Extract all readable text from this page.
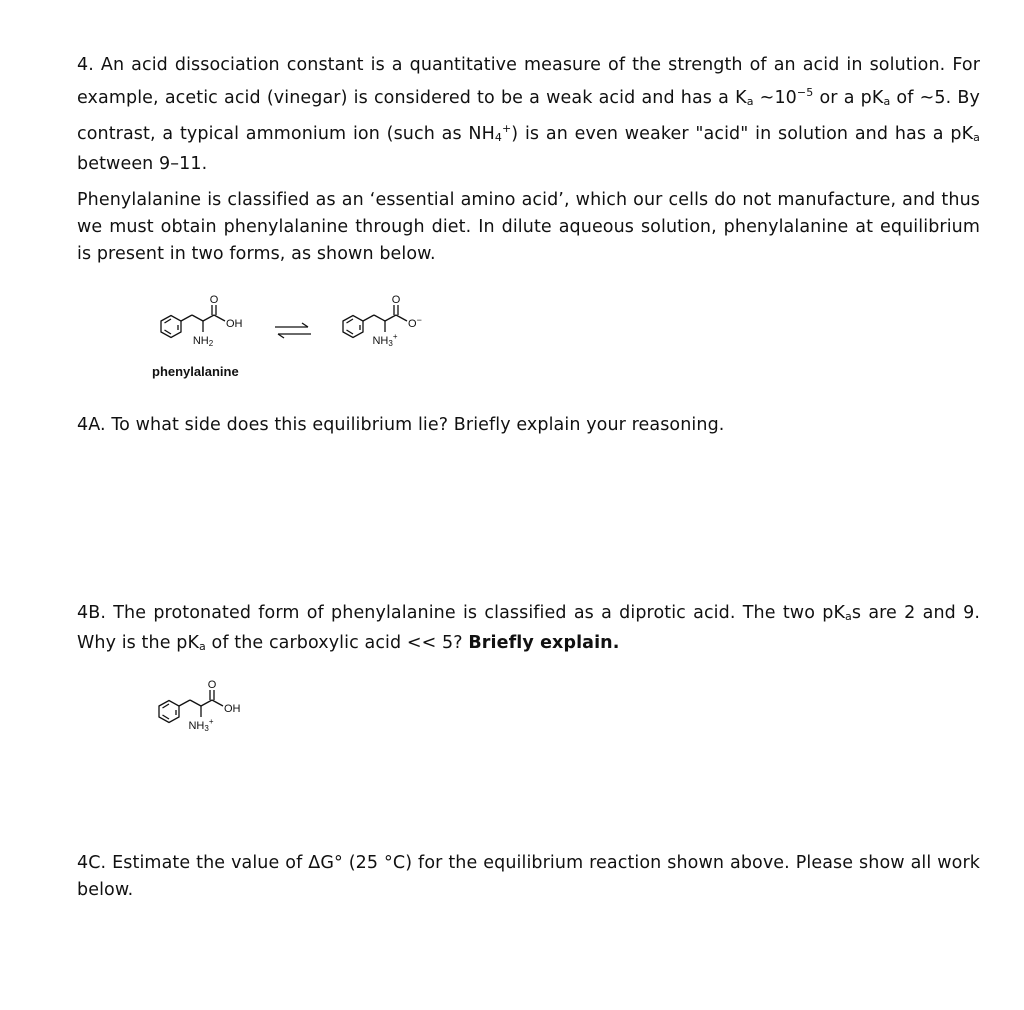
4. An acid dissociation constant is a quantitative measure of the strength of an acid in solution. For example, acetic acid (vinegar) is considered to be a weak acid and has a Ka $\sim 10^{-5}$ or a pKa of ~5. By contrast, a typical ammonium ion (such as NH4+) is an even weaker "acid" in solution and has a pKa between 9–11.
Phenylalanine is classified as an ‘essential amino acid’, which our cells do not manufacture, and thus we must obtain phenylalanine through diet. In dilute aqueous solution, phenylalanine at equilibrium is present in two forms, as shown below.
O
OH
NH2
O
O−
NH3+
phenylalanine
4A. To what side does this equilibrium lie? Briefly explain your reasoning.
4B. The protonated form of phenylalanine is classified as a diprotic acid. The two pKas are 2 and 9. Why is the pKa of the carboxylic acid << 5? Briefly explain.
O
OH
NH3+
4C. Estimate the value of ΔG° (25 °C) for the equilibrium reaction shown above. Please show all work below.
